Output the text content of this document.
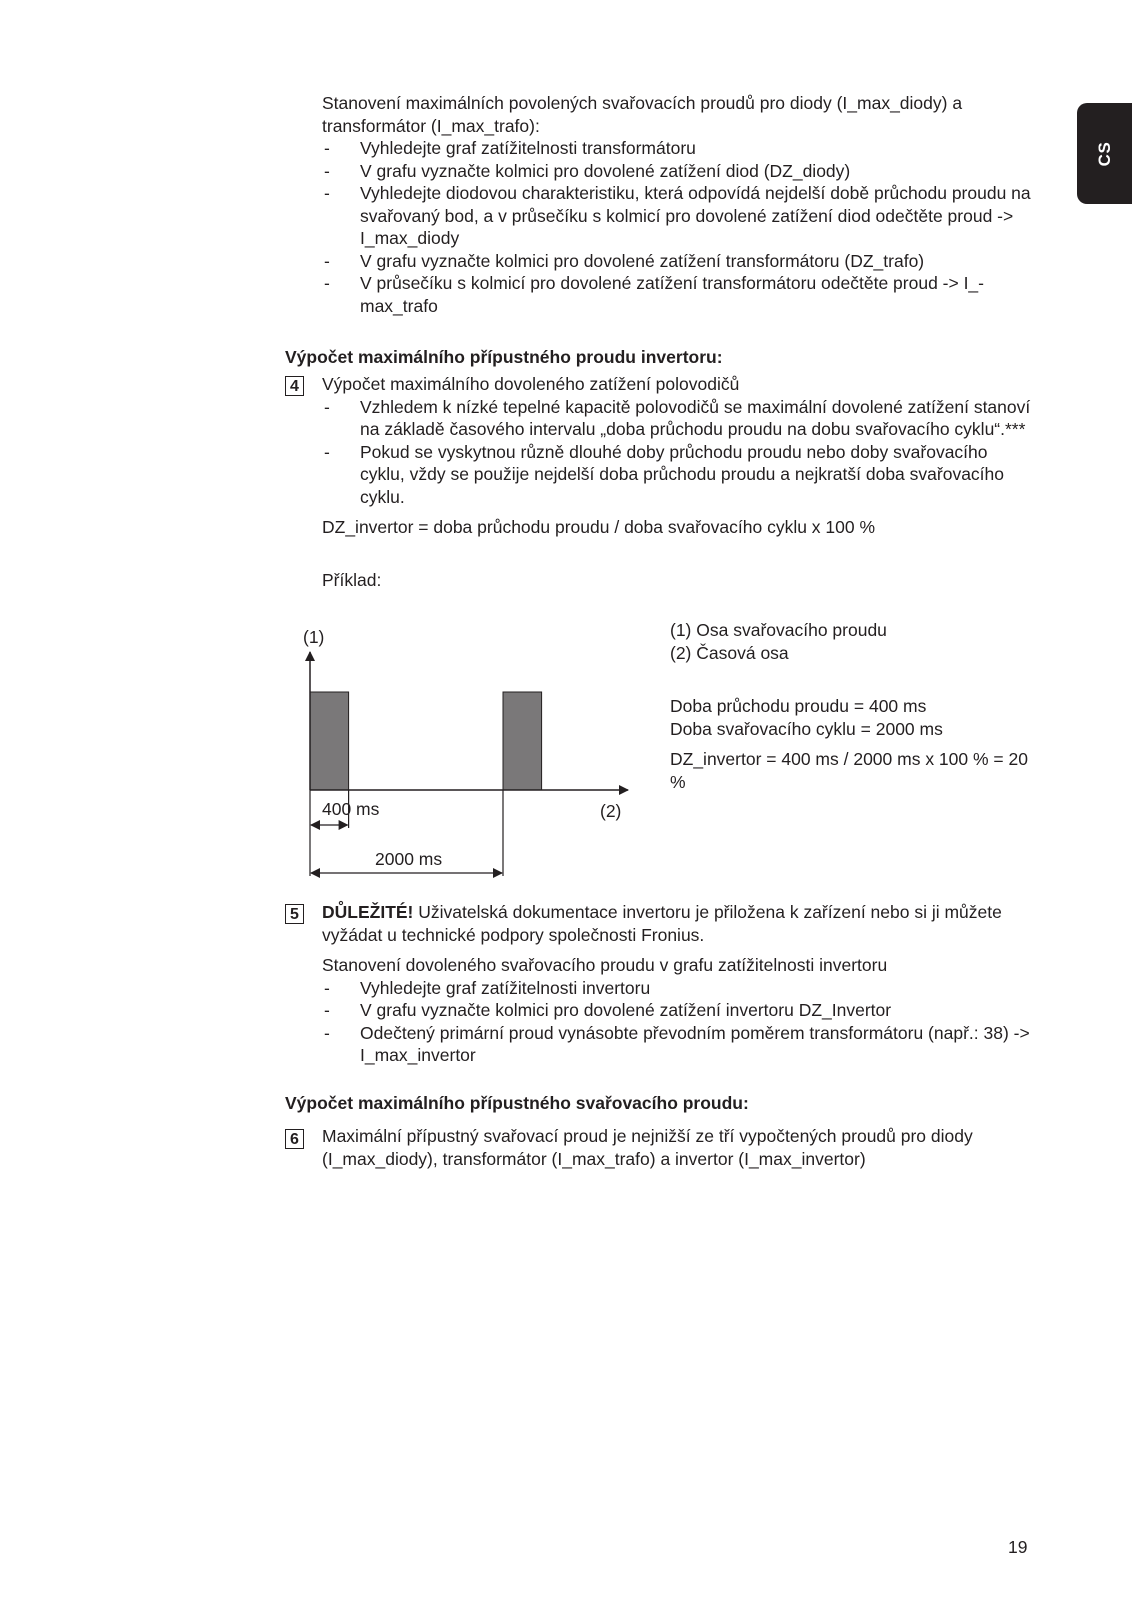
CS

Stanovení maximálních povolených svařovacích proudů pro diody (I_max_diody) a transformátor (I_max_trafo):

- Vyhledejte graf zatížitelnosti transformátoru
- V grafu vyznačte kolmici pro dovolené zatížení diod (DZ_diody)
- Vyhledejte diodovou charakteristiku, která odpovídá nejdelší době průchodu proudu na svařovaný bod, a v průsečíku s kolmicí pro dovolené zatížení diod odečtěte proud -> I_max_diody
- V grafu vyznačte kolmici pro dovolené zatížení transformátoru (DZ_trafo)
- V průsečíku s kolmicí pro dovolené zatížení transformátoru odečtěte proud -> I_-max_trafo

Výpočet maximálního přípustného proudu invertoru:

4 Výpočet maximálního dovoleného zatížení polovodičů

- Vzhledem k nízké tepelné kapacitě polovodičů se maximální dovolené zatížení stanoví na základě časového intervalu „doba průchodu proudu na dobu svařovacího cyklu“.***
- Pokud se vyskytnou různě dlouhé doby průchodu proudu nebo doby svařovacího cyklu, vždy se použije nejdelší doba průchodu proudu a nejkratší doba svařovacího cyklu.

DZ_invertor = doba průchodu proudu / doba svařovacího cyklu x 100 %

Příklad:

(1)
(2)
400 ms
2000 ms

(1) Osa svařovacího proudu

(2) Časová osa

Doba průchodu proudu = 400 ms

Doba svařovacího cyklu = 2000 ms

DZ_invertor = 400 ms / 2000 ms x 100 % = 20 %

5 DŮLEŽITÉ! Uživatelská dokumentace invertoru je přiložena k zařízení nebo si ji můžete vyžádat u technické podpory společnosti Fronius.

Stanovení dovoleného svařovacího proudu v grafu zatížitelnosti invertoru

- Vyhledejte graf zatížitelnosti invertoru
- V grafu vyznačte kolmici pro dovolené zatížení invertoru DZ_Invertor
- Odečtený primární proud vynásobte převodním poměrem transformátoru (např.: 38) -> I_max_invertor

Výpočet maximálního přípustného svařovacího proudu:

6 Maximální přípustný svařovací proud je nejnižší ze tří vypočtených proudů pro diody (I_max_diody), transformátor (I_max_trafo) a invertor (I_max_invertor)

19
